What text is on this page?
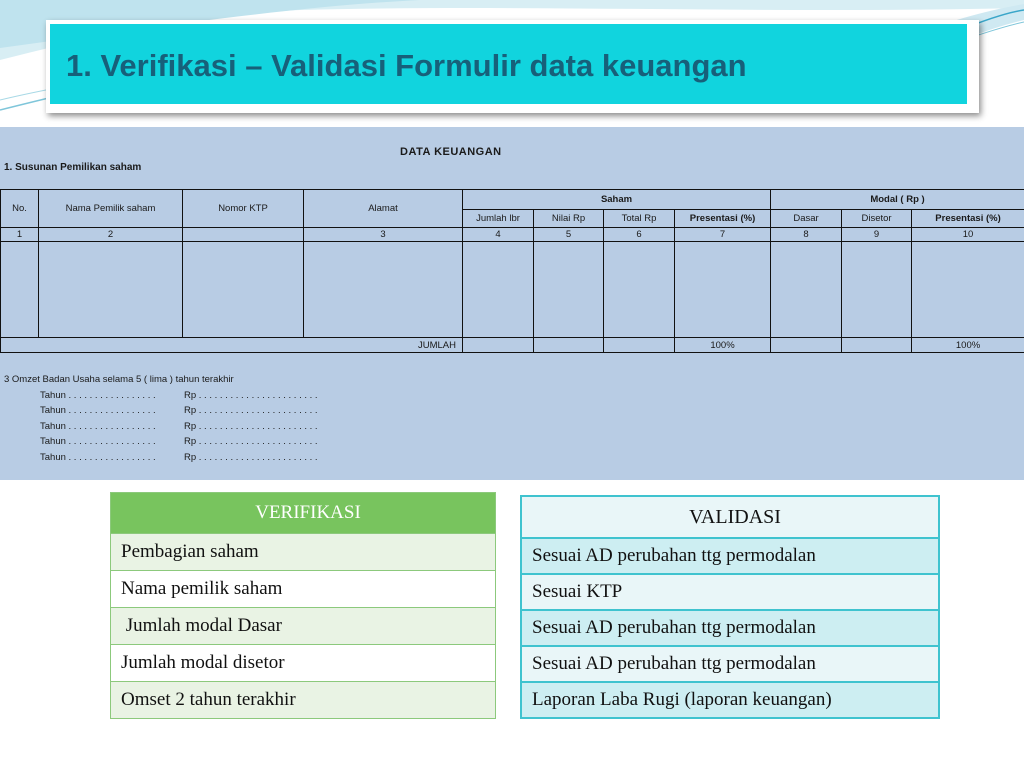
1. Verifikasi – Validasi Formulir data keuangan
DATA KEUANGAN
1. Susunan Pemilikan saham
No.	Nama Pemilik saham	Nomor KTP	Alamat	Saham				Modal ( Rp )		
				Jumlah lbr	Nilai Rp	Total Rp	Presentasi (%)	Dasar	Disetor	Presentasi (%)
1	2		3	4	5	6	7	8	9	10

JUMLAH							100%			100%
3 Omzet Badan Usaha selama 5 ( lima ) tahun terakhir
Tahun . . . . . . . . . . . . . . . . .	Rp . . . . . . . . . . . . . . . . . . . . . . .
Tahun . . . . . . . . . . . . . . . . .	Rp . . . . . . . . . . . . . . . . . . . . . . .
Tahun . . . . . . . . . . . . . . . . .	Rp . . . . . . . . . . . . . . . . . . . . . . .
Tahun . . . . . . . . . . . . . . . . .	Rp . . . . . . . . . . . . . . . . . . . . . . .
Tahun . . . . . . . . . . . . . . . . .	Rp . . . . . . . . . . . . . . . . . . . . . . .
VERIFIKASI
Pembagian saham
Nama pemilik saham
Jumlah modal Dasar
Jumlah modal disetor
Omset 2 tahun terakhir
VALIDASI
Sesuai AD perubahan ttg permodalan
Sesuai KTP
Sesuai AD perubahan ttg permodalan
Sesuai AD perubahan ttg permodalan
Laporan Laba Rugi (laporan keuangan)
